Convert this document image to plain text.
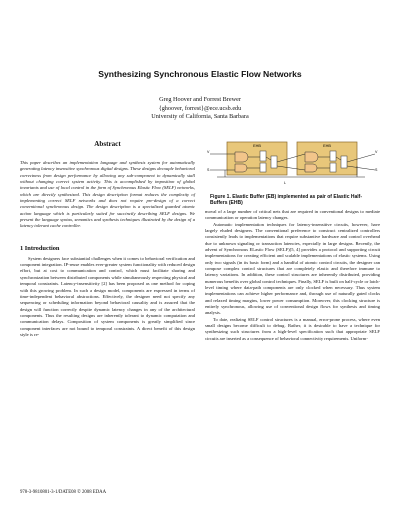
Synthesizing Synchronous Elastic Flow Networks
Greg Hoover and Forrest Brewer
{ghoover, forrest}@ece.ucsb.edu
University of California, Santa Barbara
Abstract

This paper describes an implementation language and synthesis system for automatically generating latency insensitive synchronous digital designs. These designs decouple behavioral correctness from design performance by allowing any sub-component to dynamically stall without changing correct system activity. This is accomplished by imposition of global invariants and use of local control in the form of Synchronous Elastic Flow (SELF) networks, which are directly synthesized. This design description format reduces the complexity of implementing correct SELF networks and does not require pre-design of a correct conventional synchronous design. The design description is a specialized guarded atomic action language which is particularly suited for succinctly describing SELF designs. We present the language syntax, semantics and synthesis techniques illustrated by the design of a latency tolerant cache controller.

1 Introduction

System designers face substantial challenges when it comes to behavioral verification and component integration. IP-reuse enables ever-greater system functionality with reduced design effort, but at cost to communication and control, which must facilitate sharing and synchronization between distributed components while simultaneously respecting physical and temporal constraints. Latency-insensitivity [2] has been proposed as one method for coping with this growing problem. In such a design model, components are expressed in terms of time-independent behavioral abstractions. Effectively, the designer need not specify any sequencing or scheduling information beyond behavioral causality and is assured that the design will function correctly despite dynamic latency changes in any of the architectural components. Thus the resulting designs are inherently tolerant to dynamic computation and communication delays. Composition of system components is greatly simplified since component interfaces are not bound to temporal constraints. A direct benefit of this design style is re-

EHB	EHB
L
V
S
V
S
Figure 1. Elastic Buffer (EB) implemented as pair of Elastic Half-Buffers (EHB)

moval of a large number of critical nets that are required in conventional designs to mediate communication or operation latency changes.

Automatic implementation techniques for latency-insensitive circuits, however, have largely eluded designers. The conventional preference to construct centralized controllers consistently leads to implementations that require substantive hardware and control overhead due to unknown signaling or transaction latencies, especially in large designs. Recently, the advent of Synchronous ELastic Flow (SELF)[5, 4] provides a protocol and supporting circuit implementations for creating efficient and scalable implementations of elastic systems. Using only two signals (in its basic form) and a handful of atomic control circuits, the designer can compose complex control structures that are completely elastic and therefore immune to latency variations. In addition, these control structures are inherently distributed, providing numerous benefits over global control techniques. Finally, SELF is built on half-cycle or latch-level timing where data-path components are only clocked when necessary. Thus system implementations can achieve higher performance and, through use of naturally gated clocks and relaxed timing margins, lower power consumption. Moreover, this clocking structure is entirely synchronous, allowing use of conventional design flows for synthesis and timing analysis.

To date, realizing SELF control structures is a manual, error-prone process, where even small designs become difficult to debug. Rather, it is desirable to have a technique for synthesizing such structures from a high-level specification such that appropriate SELF circuits are inserted as a consequence of behavioral connectivity requirements. Uniform-

978-3-9810801-3-1/DATE08 © 2008 EDAA
